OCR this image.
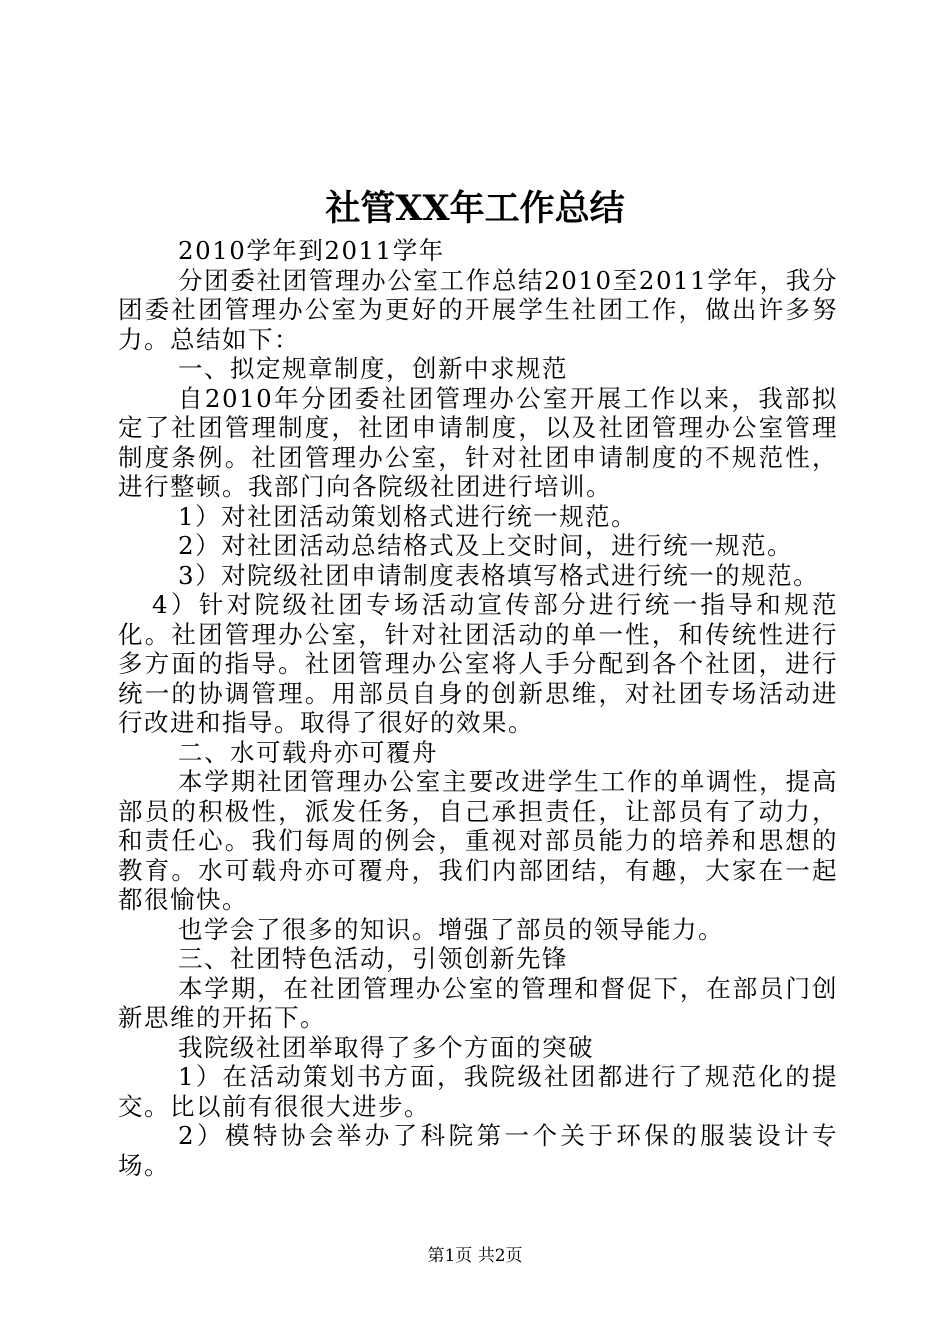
社管XX年工作总结

2010学年到2011学年

分团委社团管理办公室工作总结2010至2011学年，我分团委社团管理办公室为更好的开展学生社团工作，做出许多努力。总结如下：

一、拟定规章制度，创新中求规范

自2010年分团委社团管理办公室开展工作以来，我部拟定了社团管理制度，社团申请制度，以及社团管理办公室管理制度条例。社团管理办公室，针对社团申请制度的不规范性，进行整顿。我部门向各院级社团进行培训。

1）对社团活动策划格式进行统一规范。

2）对社团活动总结格式及上交时间，进行统一规范。

3）对院级社团申请制度表格填写格式进行统一的规范。

4）针对院级社团专场活动宣传部分进行统一指导和规范化。社团管理办公室，针对社团活动的单一性，和传统性进行多方面的指导。社团管理办公室将人手分配到各个社团，进行统一的协调管理。用部员自身的创新思维，对社团专场活动进行改进和指导。取得了很好的效果。

二、水可载舟亦可覆舟

本学期社团管理办公室主要改进学生工作的单调性，提高部员的积极性，派发任务，自己承担责任，让部员有了动力，和责任心。我们每周的例会，重视对部员能力的培养和思想的教育。水可载舟亦可覆舟，我们内部团结，有趣，大家在一起都很愉快。

也学会了很多的知识。增强了部员的领导能力。

三、社团特色活动，引领创新先锋

本学期，在社团管理办公室的管理和督促下，在部员门创新思维的开拓下。

我院级社团举取得了多个方面的突破

1）在活动策划书方面，我院级社团都进行了规范化的提交。比以前有很很大进步。

2）模特协会举办了科院第一个关于环保的服装设计专场。

第1页 共2页
